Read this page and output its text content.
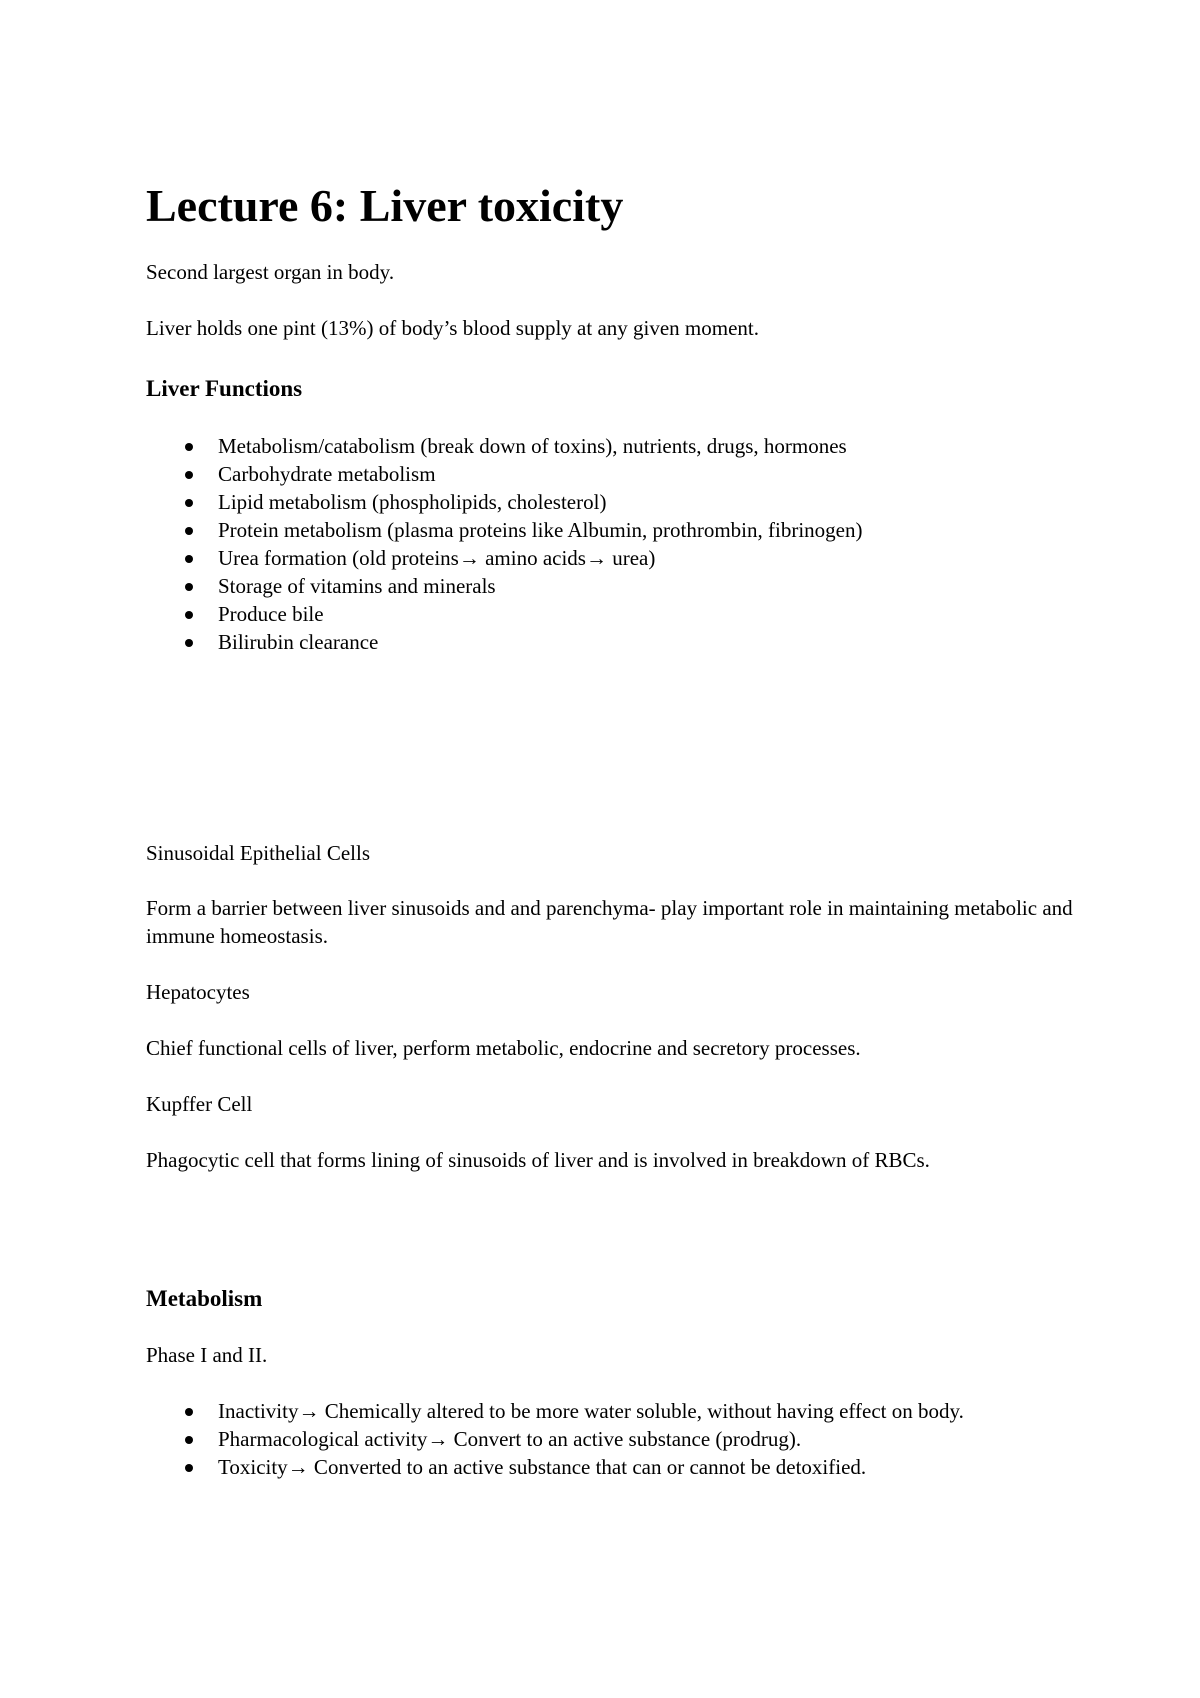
Lecture 6: Liver toxicity

Second largest organ in body.

Liver holds one pint (13%) of body’s blood supply at any given moment.

Liver Functions
Metabolism/catabolism (break down of toxins), nutrients, drugs, hormones
Carbohydrate metabolism
Lipid metabolism (phospholipids, cholesterol)
Protein metabolism (plasma proteins like Albumin, prothrombin, fibrinogen)
Urea formation (old proteins→ amino acids→ urea)
Storage of vitamins and minerals
Produce bile
Bilirubin clearance

Sinusoidal Epithelial Cells

Form a barrier between liver sinusoids and and parenchyma- play important role in maintaining metabolic and immune homeostasis.

Hepatocytes

Chief functional cells of liver, perform metabolic, endocrine and secretory processes.

Kupffer Cell

Phagocytic cell that forms lining of sinusoids of liver and is involved in breakdown of RBCs.

Metabolism

Phase I and II.

Inactivity→ Chemically altered to be more water soluble, without having effect on body.
Pharmacological activity→ Convert to an active substance (prodrug).
Toxicity→ Converted to an active substance that can or cannot be detoxified.
